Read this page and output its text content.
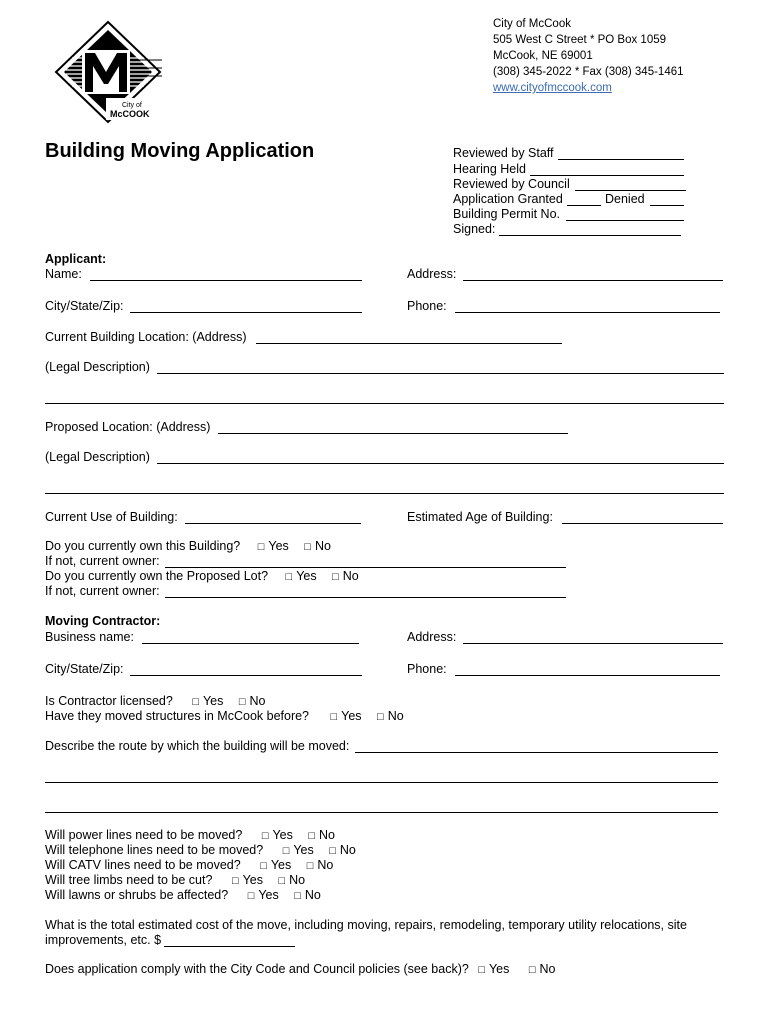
City of
McCOOK
City of McCook
505 West C Street * PO Box 1059
McCook, NE 69001
(308) 345-2022 * Fax (308) 345-1461
www.cityofmccook.com
Building Moving Application	Reviewed by Staff
Hearing Held
Reviewed by Council
Application Granted	Denied
Building Permit No.
Signed:
Applicant:
Name:	Address:
City/State/Zip:	Phone:
Current Building Location: (Address)
(Legal Description)
Proposed Location: (Address)
(Legal Description)
Current Use of Building:	Estimated Age of Building:
Do you currently own this Building? □ Yes □ No
If not, current owner:
Do you currently own the Proposed Lot? □ Yes □ No
If not, current owner:
Moving Contractor:
Business name:	Address:
City/State/Zip:	Phone:
Is Contractor licensed? □ Yes □ No
Have they moved structures in McCook before? □ Yes □ No
Describe the route by which the building will be moved:
Will power lines need to be moved? □ Yes □ No
Will telephone lines need to be moved? □ Yes □ No
Will CATV lines need to be moved? □ Yes □ No
Will tree limbs need to be cut? □ Yes □ No
Will lawns or shrubs be affected? □ Yes □ No
What is the total estimated cost of the move, including moving, repairs, remodeling, temporary utility relocations, site
improvements, etc. $
Does application comply with the City Code and Council policies (see back)? □ Yes □ No
